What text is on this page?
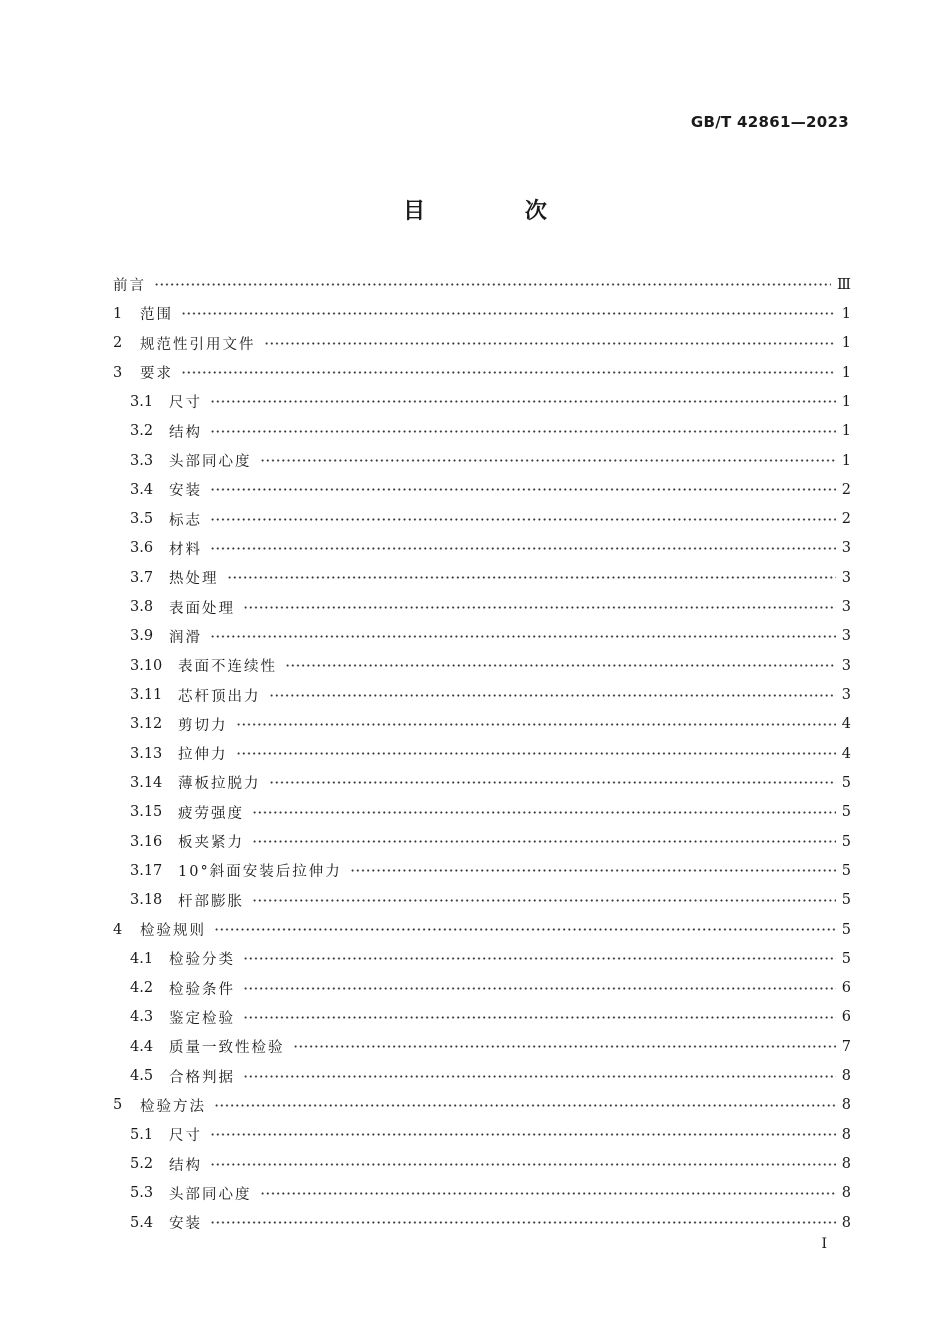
GB/T 42861—2023
目 次
前言	Ⅲ
1	范围	1
2	规范性引用文件	1
3	要求	1
3.1	尺寸	1
3.2	结构	1
3.3	头部同心度	1
3.4	安装	2
3.5	标志	2
3.6	材料	3
3.7	热处理	3
3.8	表面处理	3
3.9	润滑	3
3.10	表面不连续性	3
3.11	芯杆顶出力	3
3.12	剪切力	4
3.13	拉伸力	4
3.14	薄板拉脱力	5
3.15	疲劳强度	5
3.16	板夹紧力	5
3.17	10°斜面安装后拉伸力	5
3.18	杆部膨胀	5
4	检验规则	5
4.1	检验分类	5
4.2	检验条件	6
4.3	鉴定检验	6
4.4	质量一致性检验	7
4.5	合格判据	8
5	检验方法	8
5.1	尺寸	8
5.2	结构	8
5.3	头部同心度	8
5.4	安装	8
I
